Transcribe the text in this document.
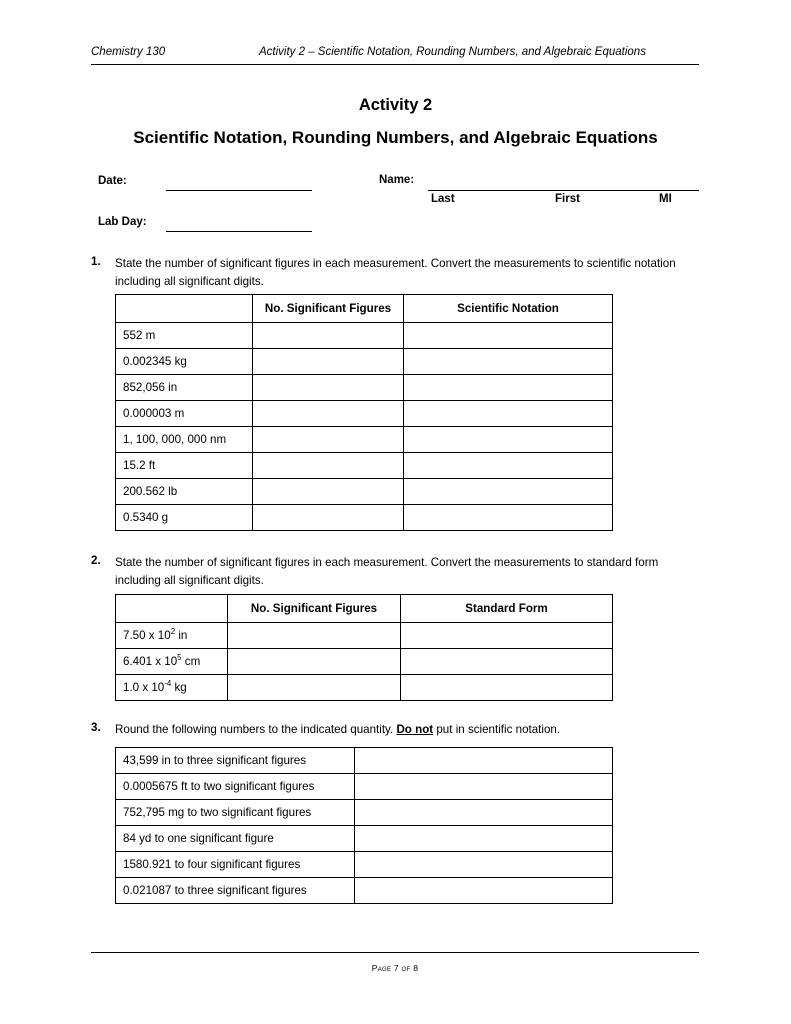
Chemistry 130	Activity 2 – Scientific Notation, Rounding Numbers, and Algebraic Equations
Activity 2
Scientific Notation, Rounding Numbers, and Algebraic Equations
Date:
Lab Day:
Name:
Last	First	MI
1. State the number of significant figures in each measurement. Convert the measurements to scientific notation including all significant digits.
	No. Significant Figures	Scientific Notation
552 m		
0.002345 kg		
852,056 in		
0.000003 m		
1, 100, 000, 000 nm		
15.2 ft		
200.562 lb		
0.5340 g		
2. State the number of significant figures in each measurement. Convert the measurements to standard form including all significant digits.
	No. Significant Figures	Standard Form
7.50 x $10^2$ in		
6.401 x $10^5$ cm		
1.0 x $10^{-4}$ kg		
3. Round the following numbers to the indicated quantity. Do not put in scientific notation.
43,599 in to three significant figures	
0.0005675 ft to two significant figures	
752,795 mg to two significant figures	
84 yd to one significant figure	
1580.921 to four significant figures	
0.021087 to three significant figures	
Page 7 of 8
